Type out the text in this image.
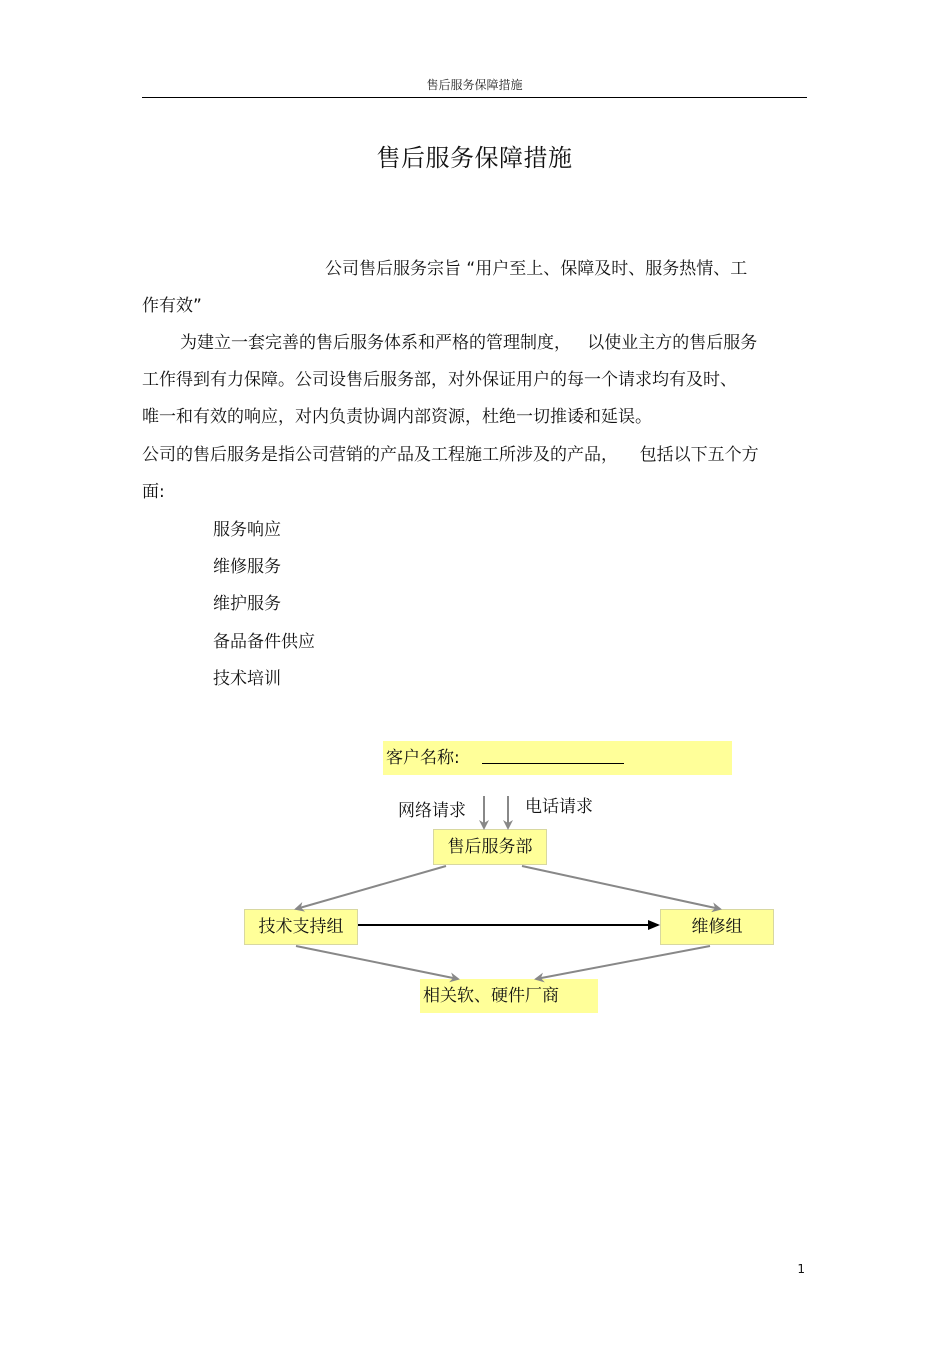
售后服务保障措施
售后服务保障措施
公司售后服务宗旨 “用户至上、保障及时、服务热情、工
作有效”
为建立一套完善的售后服务体系和严格的管理制度，   以使业主方的售后服务
工作得到有力保障。公司设售后服务部，对外保证用户的每一个请求均有及时、
唯一和有效的响应，对内负责协调内部资源，杜绝一切推诿和延误。
公司的售后服务是指公司营销的产品及工程施工所涉及的产品，    包括以下五个方
面:
服务响应
维修服务
维护服务
备品备件供应
技术培训
客户名称:
网络请求	电话请求
售后服务部
技术支持组	维修组
相关软、硬件厂商
1
